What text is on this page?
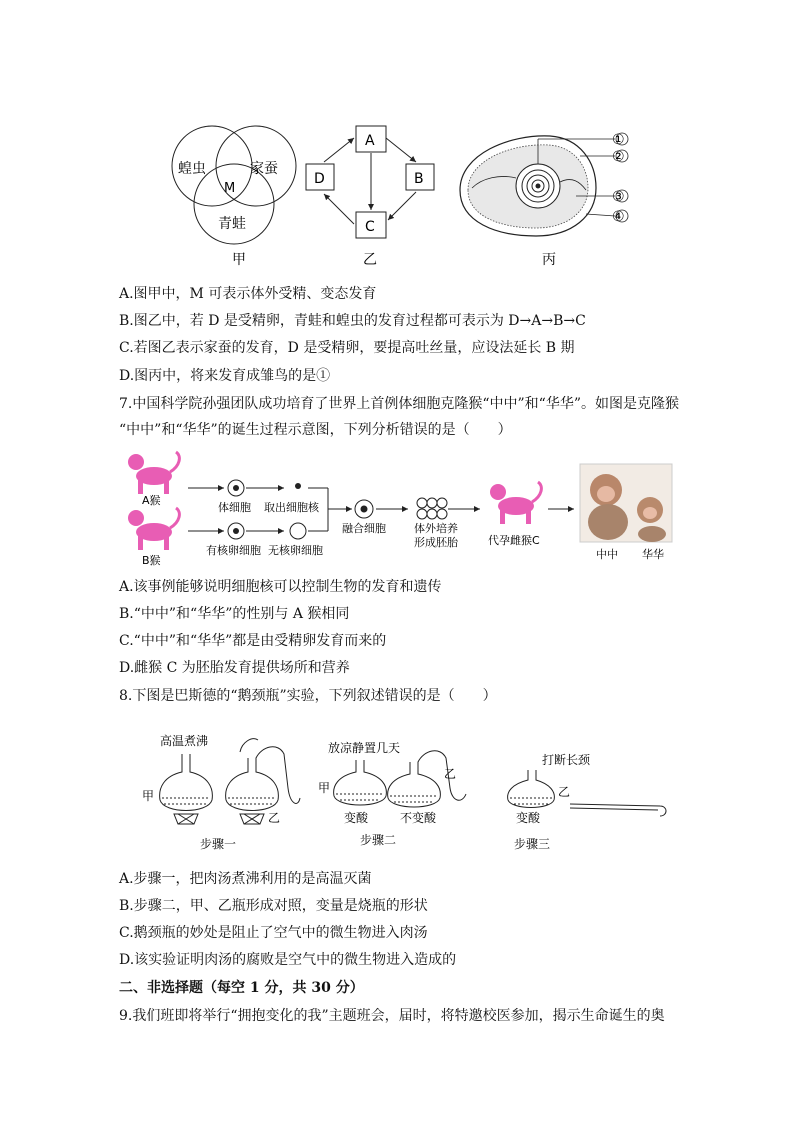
蝗虫	家蚕
青蛙
M
甲
A
D	B
C
乙
①
②
③
④
丙
A.图甲中，M 可表示体外受精、变态发育
B.图乙中，若 D 是受精卵，青蛙和蝗虫的发育过程都可表示为 D→A→B→C
C.若图乙表示家蚕的发育，D 是受精卵，要提高吐丝量，应设法延长 B 期
D.图丙中，将来发育成雏鸟的是①
7.中国科学院孙强团队成功培育了世界上首例体细胞克隆猴“中中”和“华华”。如图是克隆猴
“中中”和“华华”的诞生过程示意图，下列分析错误的是（　　）
A猴
B猴
体细胞 取出细胞核
有核卵细胞 无核卵细胞
融合细胞	体外培养
形成胚胎	代孕雌猴C
中中 华华
A.该事例能够说明细胞核可以控制生物的发育和遗传
B.“中中”和“华华”的性别与 A 猴相同
C.“中中”和“华华”都是由受精卵发育而来的
D.雌猴 C 为胚胎发育提供场所和营养
8.下图是巴斯德的“鹅颈瓶”实验，下列叙述错误的是（　　）
高温煮沸
甲
乙
步骤一
放凉静置几天
甲
变酸
乙
不变酸
步骤二
打断长颈
乙
变酸
步骤三
A.步骤一，把肉汤煮沸利用的是高温灭菌
B.步骤二，甲、乙瓶形成对照，变量是烧瓶的形状
C.鹅颈瓶的妙处是阻止了空气中的微生物进入肉汤
D.该实验证明肉汤的腐败是空气中的微生物进入造成的
二、非选择题（每空 1 分，共 30 分）
9.我们班即将举行“拥抱变化的我”主题班会，届时，将特邀校医参加，揭示生命诞生的奥
